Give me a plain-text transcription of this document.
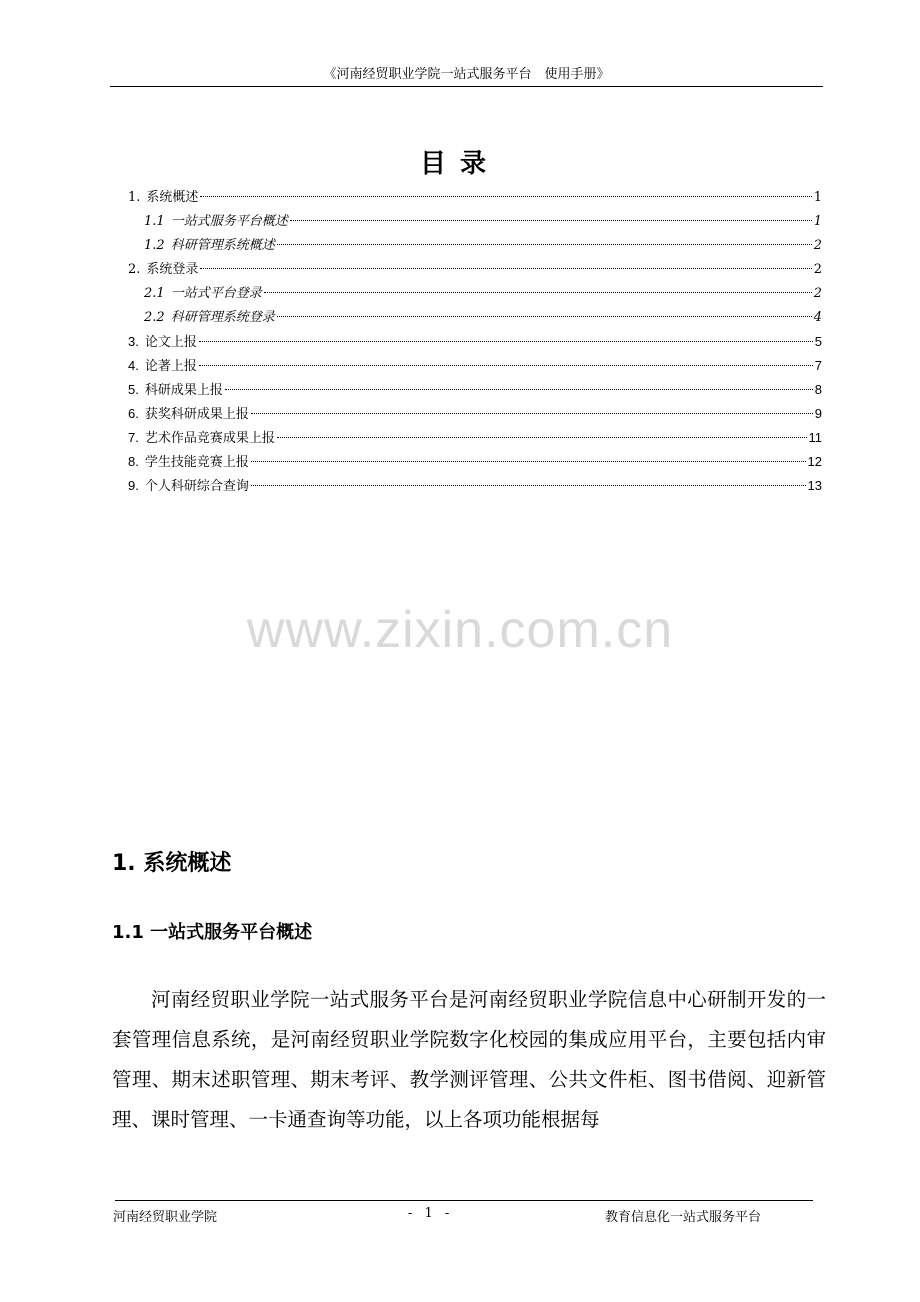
《河南经贸职业学院一站式服务平台　使用手册》
目录
1. 系统概述	1
1.1 一站式服务平台概述	1
1.2 科研管理系统概述	2
2. 系统登录	2
2.1 一站式平台登录	2
2.2 科研管理系统登录	4
3. 论文上报	5
4. 论著上报	7
5. 科研成果上报	8
6. 获奖科研成果上报	9
7. 艺术作品竞赛成果上报	11
8. 学生技能竞赛上报	12
9. 个人科研综合查询	13
www.zixin.com.cn
1. 系统概述
1.1 一站式服务平台概述
河南经贸职业学院一站式服务平台是河南经贸职业学院信息中心研制开发的一套管理信息系统，是河南经贸职业学院数字化校园的集成应用平台，主要包括内审管理、期末述职管理、期末考评、教学测评管理、公共文件柜、图书借阅、迎新管理、课时管理、一卡通查询等功能，以上各项功能根据每
河南经贸职业学院	- 1 -	教育信息化一站式服务平台
